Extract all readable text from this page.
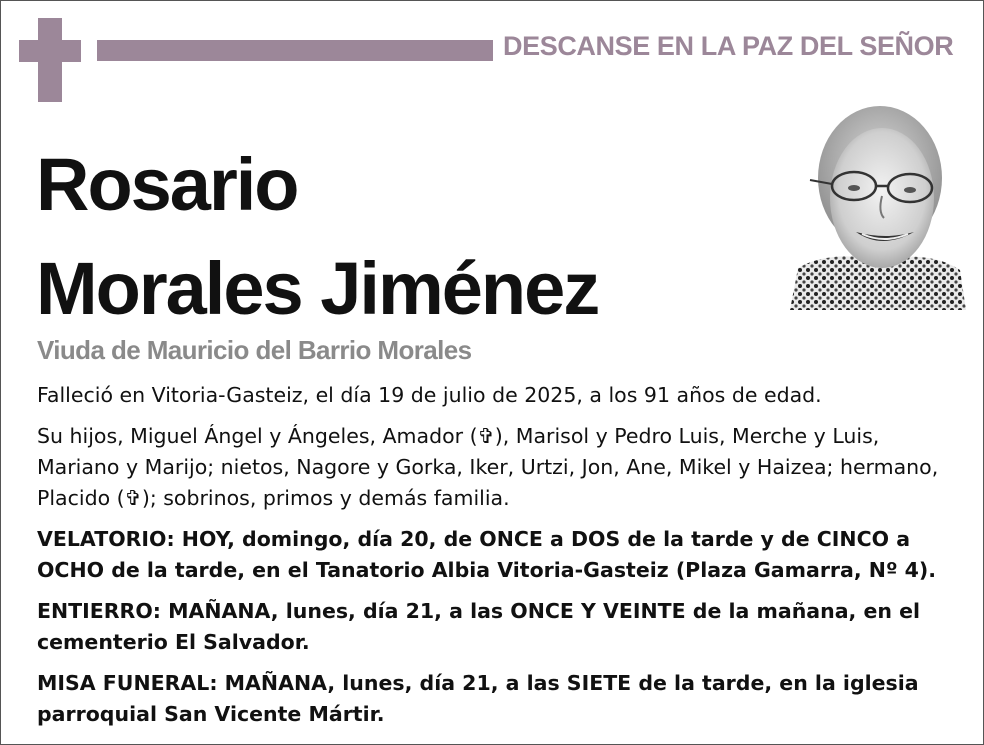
DESCANSE EN LA PAZ DEL SEÑOR
Rosario
Morales Jiménez
Viuda de Mauricio del Barrio Morales

Falleció en Vitoria-Gasteiz, el día 19 de julio de 2025, a los 91 años de edad.

Su hijos, Miguel Ángel y Ángeles, Amador (✞), Marisol y Pedro Luis, Merche y Luis, Mariano y Marijo; nietos, Nagore y Gorka, Iker, Urtzi, Jon, Ane, Mikel y Haizea; hermano, Placido (✞); sobrinos, primos y demás familia.

VELATORIO: HOY, domingo, día 20, de ONCE a DOS de la tarde y de CINCO a OCHO de la tarde, en el Tanatorio Albia Vitoria-Gasteiz (Plaza Gamarra, Nº 4).

ENTIERRO: MAÑANA, lunes, día 21, a las ONCE Y VEINTE de la mañana, en el cementerio El Salvador.

MISA FUNERAL: MAÑANA, lunes, día 21, a las SIETE de la tarde, en la iglesia parroquial San Vicente Mártir.
